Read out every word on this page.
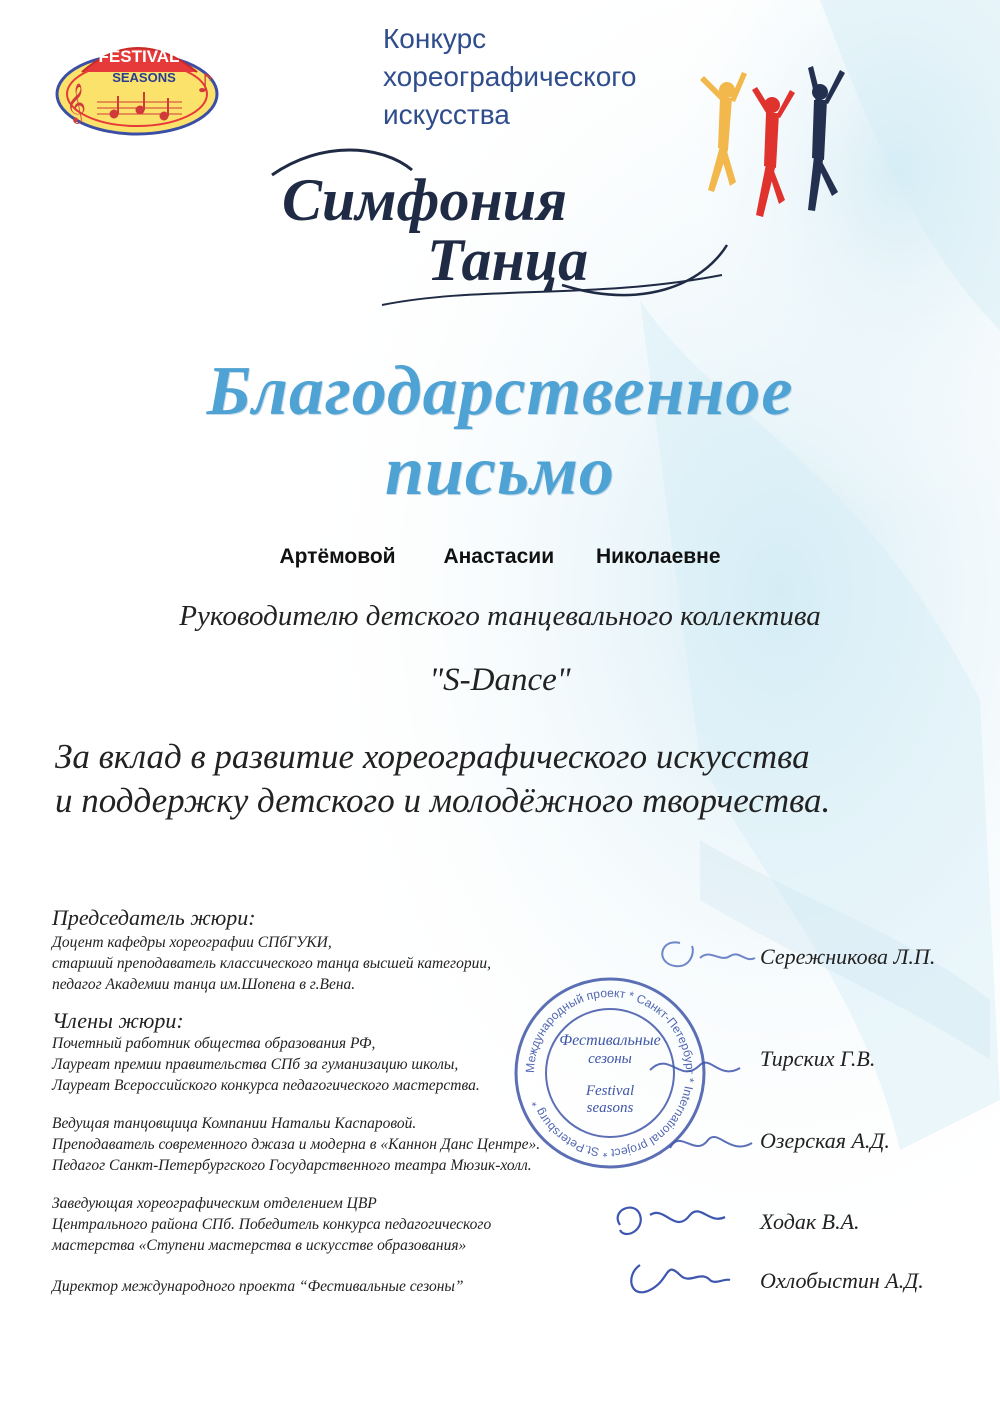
FESTIVAL
SEASONS
𝄞	♪
Конкурс
хореографического
искусства
Симфония
Танца
Благодарственное
письмо
Артёмовой Анастасии Николаевне
Руководителю детского танцевального коллектива
"S-Dance"
За вклад в развитие хореографического искусства
и поддержку детского и молодёжного творчества.
Председатель жюри:
Доцент кафедры хореографии СПбГУКИ,
старший преподаватель классического танца высшей категории,
педагог Академии танца им.Шопена в г.Вена.
Сережникова Л.П.
Члены жюри:
Почетный работник общества образования РФ,
Лауреат премии правительства СПб за гуманизацию школы,
Лауреат Всероссийского конкурса педагогического мастерства.
Тирских Г.В.
Ведущая танцовщица Компании Натальи Каспаровой.
Преподаватель современного джаза и модерна в «Каннон Данс Центре».
Педагог Санкт-Петербургского Государственного театра Мюзик-холл.
Озерская А.Д.
Заведующая хореографическим отделением ЦВР
Центрального района СПб. Победитель конкурса педагогического
мастерства «Ступени мастерства в искусстве образования»
Ходак В.А.
Директор международного проекта “Фестивальные сезоны”	Охлобыстин А.Д.
Международный проект * Санкт-Петербург * International project * St.Petersburg *
Фестивальные
сезоны
Festival
seasons
